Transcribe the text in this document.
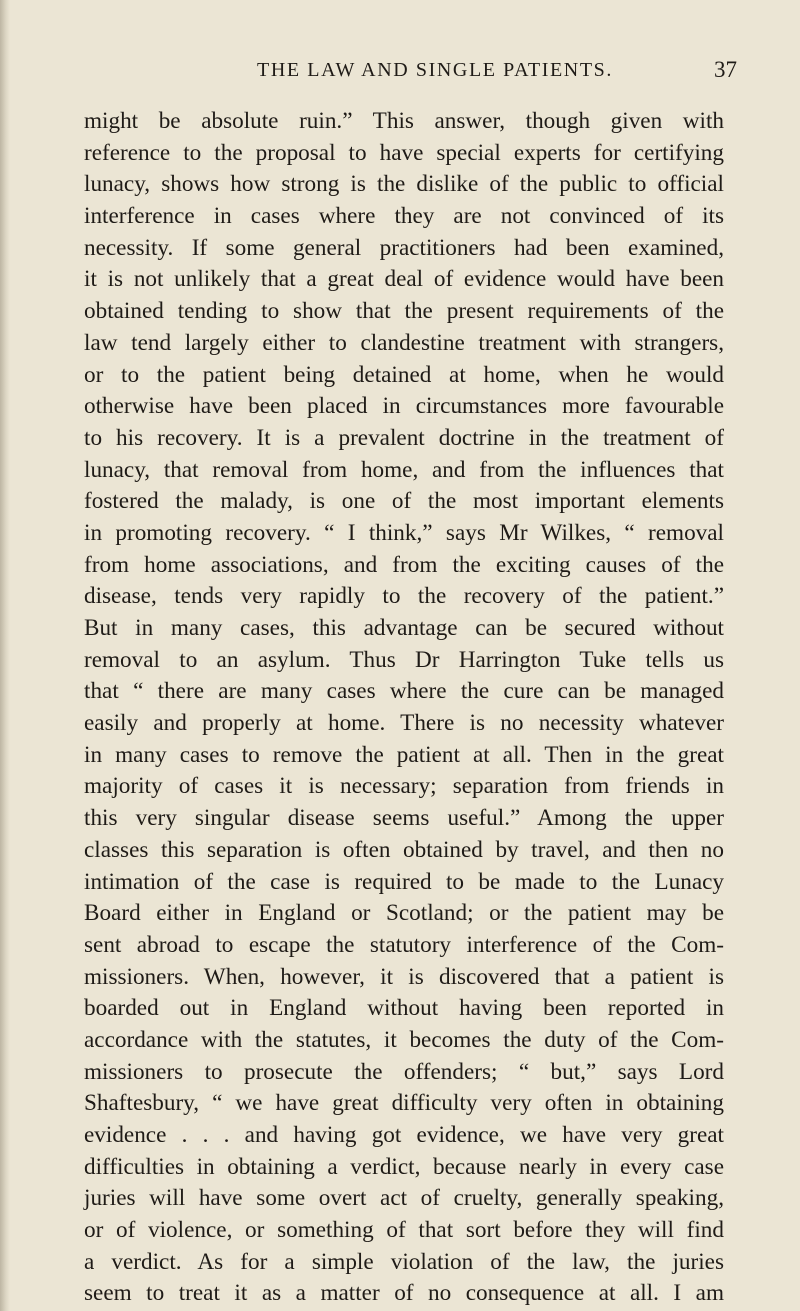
THE LAW AND SINGLE PATIENTS.	37
might be absolute ruin.” This answer, though given with
reference to the proposal to have special experts for certifying
lunacy, shows how strong is the dislike of the public to official
interference in cases where they are not convinced of its
necessity. If some general practitioners had been examined,
it is not unlikely that a great deal of evidence would have been
obtained tending to show that the present requirements of the
law tend largely either to clandestine treatment with strangers,
or to the patient being detained at home, when he would
otherwise have been placed in circumstances more favourable
to his recovery. It is a prevalent doctrine in the treatment of
lunacy, that removal from home, and from the influences that
fostered the malady, is one of the most important elements
in promoting recovery. “ I think,” says Mr Wilkes, “ removal
from home associations, and from the exciting causes of the
disease, tends very rapidly to the recovery of the patient.”
But in many cases, this advantage can be secured without
removal to an asylum. Thus Dr Harrington Tuke tells us
that “ there are many cases where the cure can be managed
easily and properly at home. There is no necessity whatever
in many cases to remove the patient at all. Then in the great
majority of cases it is necessary; separation from friends in
this very singular disease seems useful.” Among the upper
classes this separation is often obtained by travel, and then no
intimation of the case is required to be made to the Lunacy
Board either in England or Scotland; or the patient may be
sent abroad to escape the statutory interference of the Com-
missioners. When, however, it is discovered that a patient is
boarded out in England without having been reported in
accordance with the statutes, it becomes the duty of the Com-
missioners to prosecute the offenders; “ but,” says Lord
Shaftesbury, “ we have great difficulty very often in obtaining
evidence . . . and having got evidence, we have very great
difficulties in obtaining a verdict, because nearly in every case
juries will have some overt act of cruelty, generally speaking,
or of violence, or something of that sort before they will find
a verdict. As for a simple violation of the law, the juries
seem to treat it as a matter of no consequence at all. I am
